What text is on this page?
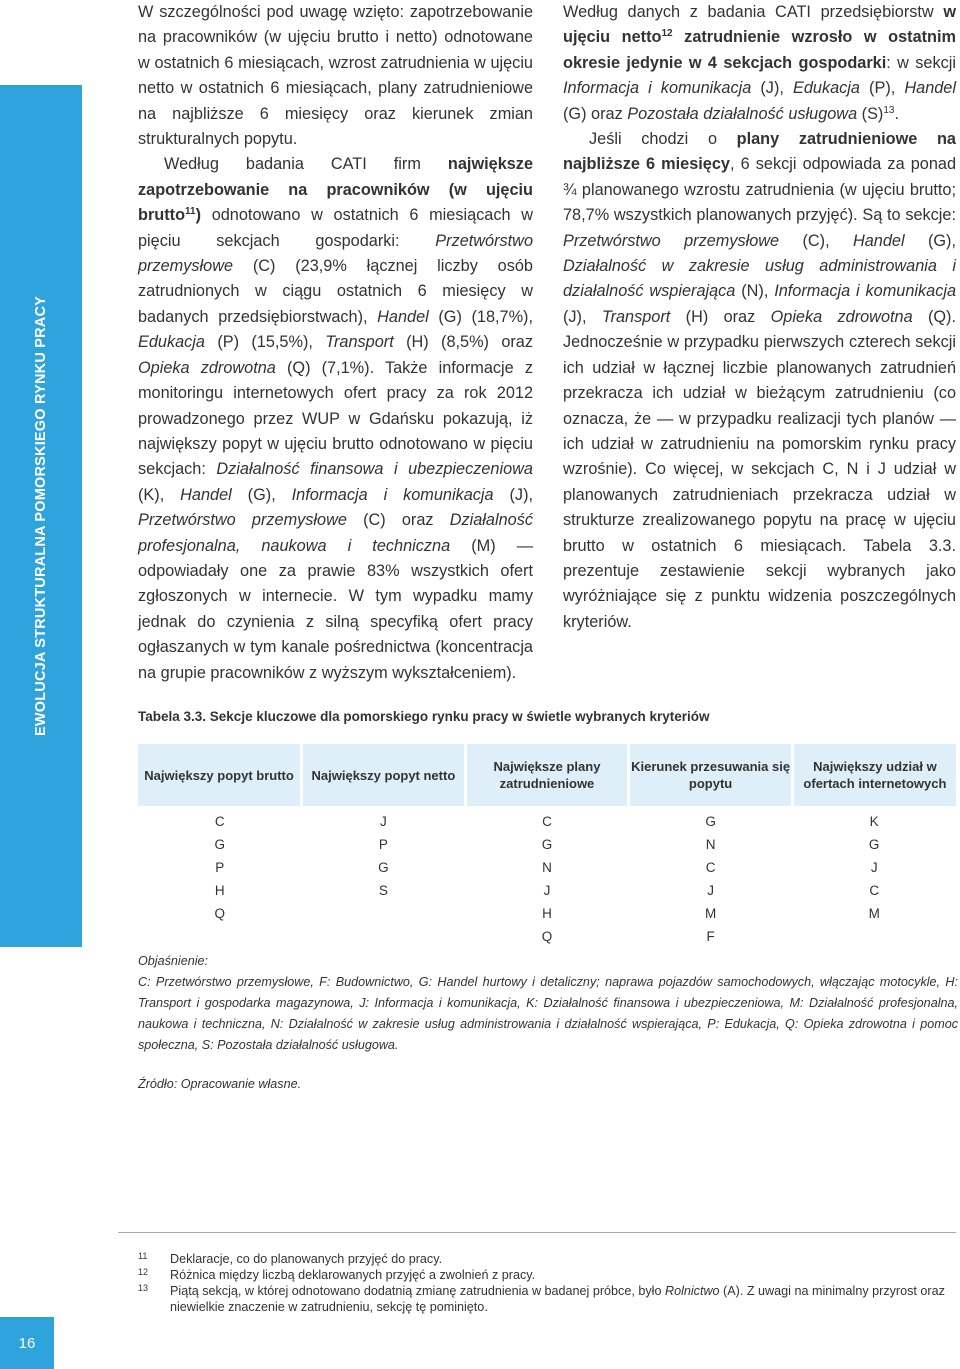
EWOLUCJA STRUKTURALNA POMORSKIEGO RYNKU PRACY
16

W szczególności pod uwagę wzięto: zapotrzebowanie na pracowników (w ujęciu brutto i netto) odnotowane w ostatnich 6 miesiącach, wzrost zatrudnienia w ujęciu netto w ostatnich 6 miesiącach, plany zatrudnieniowe na najbliższe 6 miesięcy oraz kierunek zmian strukturalnych popytu.

Według badania CATI firm największe zapotrzebowanie na pracowników (w ujęciu brutto$^{11}$) odnotowano w ostatnich 6 miesiącach w pięciu sekcjach gospodarki: Przetwórstwo przemysłowe (C) (23,9% łącznej liczby osób zatrudnionych w ciągu ostatnich 6 miesięcy w badanych przedsiębiorstwach), Handel (G) (18,7%), Edukacja (P) (15,5%), Transport (H) (8,5%) oraz Opieka zdrowotna (Q) (7,1%). Także informacje z monitoringu internetowych ofert pracy za rok 2012 prowadzonego przez WUP w Gdańsku pokazują, iż największy popyt w ujęciu brutto odnotowano w pięciu sekcjach: Działalność finansowa i ubezpieczeniowa (K), Handel (G), Informacja i komunikacja (J), Przetwórstwo przemysłowe (C) oraz Działalność profesjonalna, naukowa i techniczna (M) — odpowiadały one za prawie 83% wszystkich ofert zgłoszonych w internecie. W tym wypadku mamy jednak do czynienia z silną specyfiką ofert pracy ogłaszanych w tym kanale pośrednictwa (koncentracja na grupie pracowników z wyższym wykształceniem).

Według danych z badania CATI przedsiębiorstw w ujęciu netto$^{12}$ zatrudnienie wzrosło w ostatnim okresie jedynie w 4 sekcjach gospodarki: w sekcji Informacja i komunikacja (J), Edukacja (P), Handel (G) oraz Pozostała działalność usługowa $(S)^{13}$.

Jeśli chodzi o plany zatrudnieniowe na najbliższe 6 miesięcy, 6 sekcji odpowiada za ponad ¾ planowanego wzrostu zatrudnienia (w ujęciu brutto; 78,7% wszystkich planowanych przyjęć). Są to sekcje: Przetwórstwo przemysłowe (C), Handel (G), Działalność w zakresie usług administrowania i działalność wspierająca (N), Informacja i komunikacja (J), Transport (H) oraz Opieka zdrowotna (Q). Jednocześnie w przypadku pierwszych czterech sekcji ich udział w łącznej liczbie planowanych zatrudnień przekracza ich udział w bieżącym zatrudnieniu (co oznacza, że — w przypadku realizacji tych planów — ich udział w zatrudnieniu na pomorskim rynku pracy wzrośnie). Co więcej, w sekcjach C, N i J udział w planowanych zatrudnieniach przekracza udział w strukturze zrealizowanego popytu na pracę w ujęciu brutto w ostatnich 6 miesiącach. Tabela 3.3. prezentuje zestawienie sekcji wybranych jako wyróżniające się z punktu widzenia poszczególnych kryteriów.

Tabela 3.3. Sekcje kluczowe dla pomorskiego rynku pracy w świetle wybranych kryteriów
Największy popyt brutto	Największy popyt netto	Największe plany zatrudnieniowe	Kierunek przesuwania się popytu	Największy udział w ofertach internetowych
C	J	C	G	K
G	P	G	N	G
P	G	N	C	J
H	S	J	J	C
Q		H	M	M
		Q	F	

Objaśnienie:

C: Przetwórstwo przemysłowe, F: Budownictwo, G: Handel hurtowy i detaliczny; naprawa pojazdów samochodowych, włączając motocykle, H: Transport i gospodarka magazynowa, J: Informacja i komunikacja, K: Działalność finansowa i ubezpieczeniowa, M: Działalność profesjonalna, naukowa i techniczna, N: Działalność w zakresie usług administrowania i działalność wspierająca, P: Edukacja, Q: Opieka zdrowotna i pomoc społeczna, S: Pozostała działalność usługowa.

Źródło: Opracowanie własne.

11 Deklaracje, co do planowanych przyjęć do pracy.
12 Różnica między liczbą deklarowanych przyjęć a zwolnień z pracy.
13 Piątą sekcją, w której odnotowano dodatnią zmianę zatrudnienia w badanej próbce, było Rolnictwo (A). Z uwagi na minimalny przyrost oraz niewielkie znaczenie w zatrudnieniu, sekcję tę pominięto.
